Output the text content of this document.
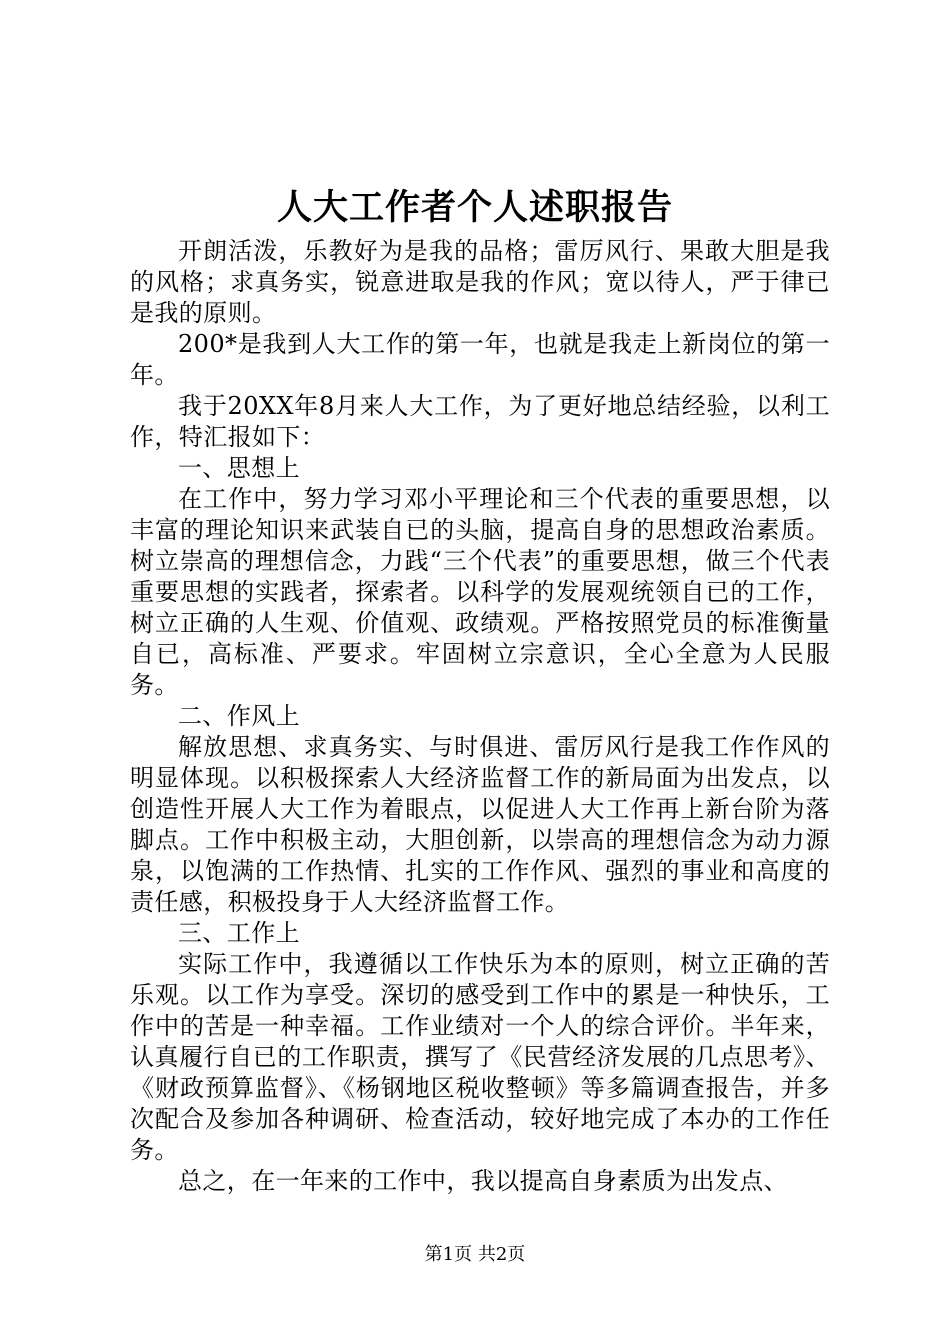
人大工作者个人述职报告

开朗活泼，乐教好为是我的品格；雷厉风行、果敢大胆是我的风格；求真务实，锐意进取是我的作风；宽以待人，严于律已是我的原则。

200*是我到人大工作的第一年，也就是我走上新岗位的第一年。

我于20XX年8月来人大工作，为了更好地总结经验，以利工作，特汇报如下：

一、思想上

在工作中，努力学习邓小平理论和三个代表的重要思想，以丰富的理论知识来武装自已的头脑，提高自身的思想政治素质。树立崇高的理想信念，力践“三个代表”的重要思想，做三个代表重要思想的实践者，探索者。以科学的发展观统领自已的工作，树立正确的人生观、价值观、政绩观。严格按照党员的标准衡量自已，高标准、严要求。牢固树立宗意识，全心全意为人民服务。

二、作风上

解放思想、求真务实、与时俱进、雷厉风行是我工作作风的明显体现。以积极探索人大经济监督工作的新局面为出发点，以创造性开展人大工作为着眼点，以促进人大工作再上新台阶为落脚点。工作中积极主动，大胆创新，以崇高的理想信念为动力源泉，以饱满的工作热情、扎实的工作作风、强烈的事业和高度的责任感，积极投身于人大经济监督工作。

三、工作上

实际工作中，我遵循以工作快乐为本的原则，树立正确的苦乐观。以工作为享受。深切的感受到工作中的累是一种快乐，工作中的苦是一种幸福。工作业绩对一个人的综合评价。半年来，认真履行自已的工作职责，撰写了《民营经济发展的几点思考》、《财政预算监督》、《杨钢地区税收整顿》等多篇调查报告，并多次配合及参加各种调研、检查活动，较好地完成了本办的工作任务。

总之，在一年来的工作中，我以提高自身素质为出发点、

第1页 共2页
